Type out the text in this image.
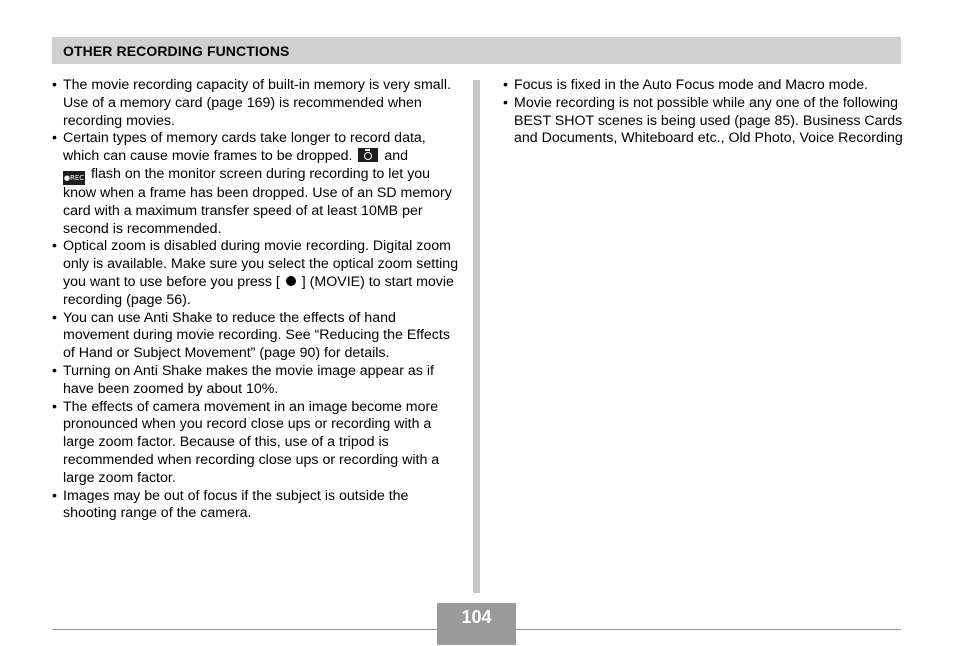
OTHER RECORDING FUNCTIONS
• The movie recording capacity of built-in memory is very small. Use of a memory card (page 169) is recommended when recording movies.
• Certain types of memory cards take longer to record data, which can cause movie frames to be dropped. and
●REC flash on the monitor screen during recording to let you know when a frame has been dropped. Use of an SD memory card with a maximum transfer speed of at least 10MB per second is recommended.
• Optical zoom is disabled during movie recording. Digital zoom only is available. Make sure you select the optical zoom setting you want to use before you press [ ] (MOVIE) to start movie recording (page 56).
• You can use Anti Shake to reduce the effects of hand movement during movie recording. See “Reducing the Effects of Hand or Subject Movement” (page 90) for details.
• Turning on Anti Shake makes the movie image appear as if have been zoomed by about 10%.
• The effects of camera movement in an image become more pronounced when you record close ups or recording with a large zoom factor. Because of this, use of a tripod is recommended when recording close ups or recording with a large zoom factor.
• Images may be out of focus if the subject is outside the shooting range of the camera.
• Focus is fixed in the Auto Focus mode and Macro mode.
• Movie recording is not possible while any one of the following BEST SHOT scenes is being used (page 85). Business Cards and Documents, Whiteboard etc., Old Photo, Voice Recording
104
